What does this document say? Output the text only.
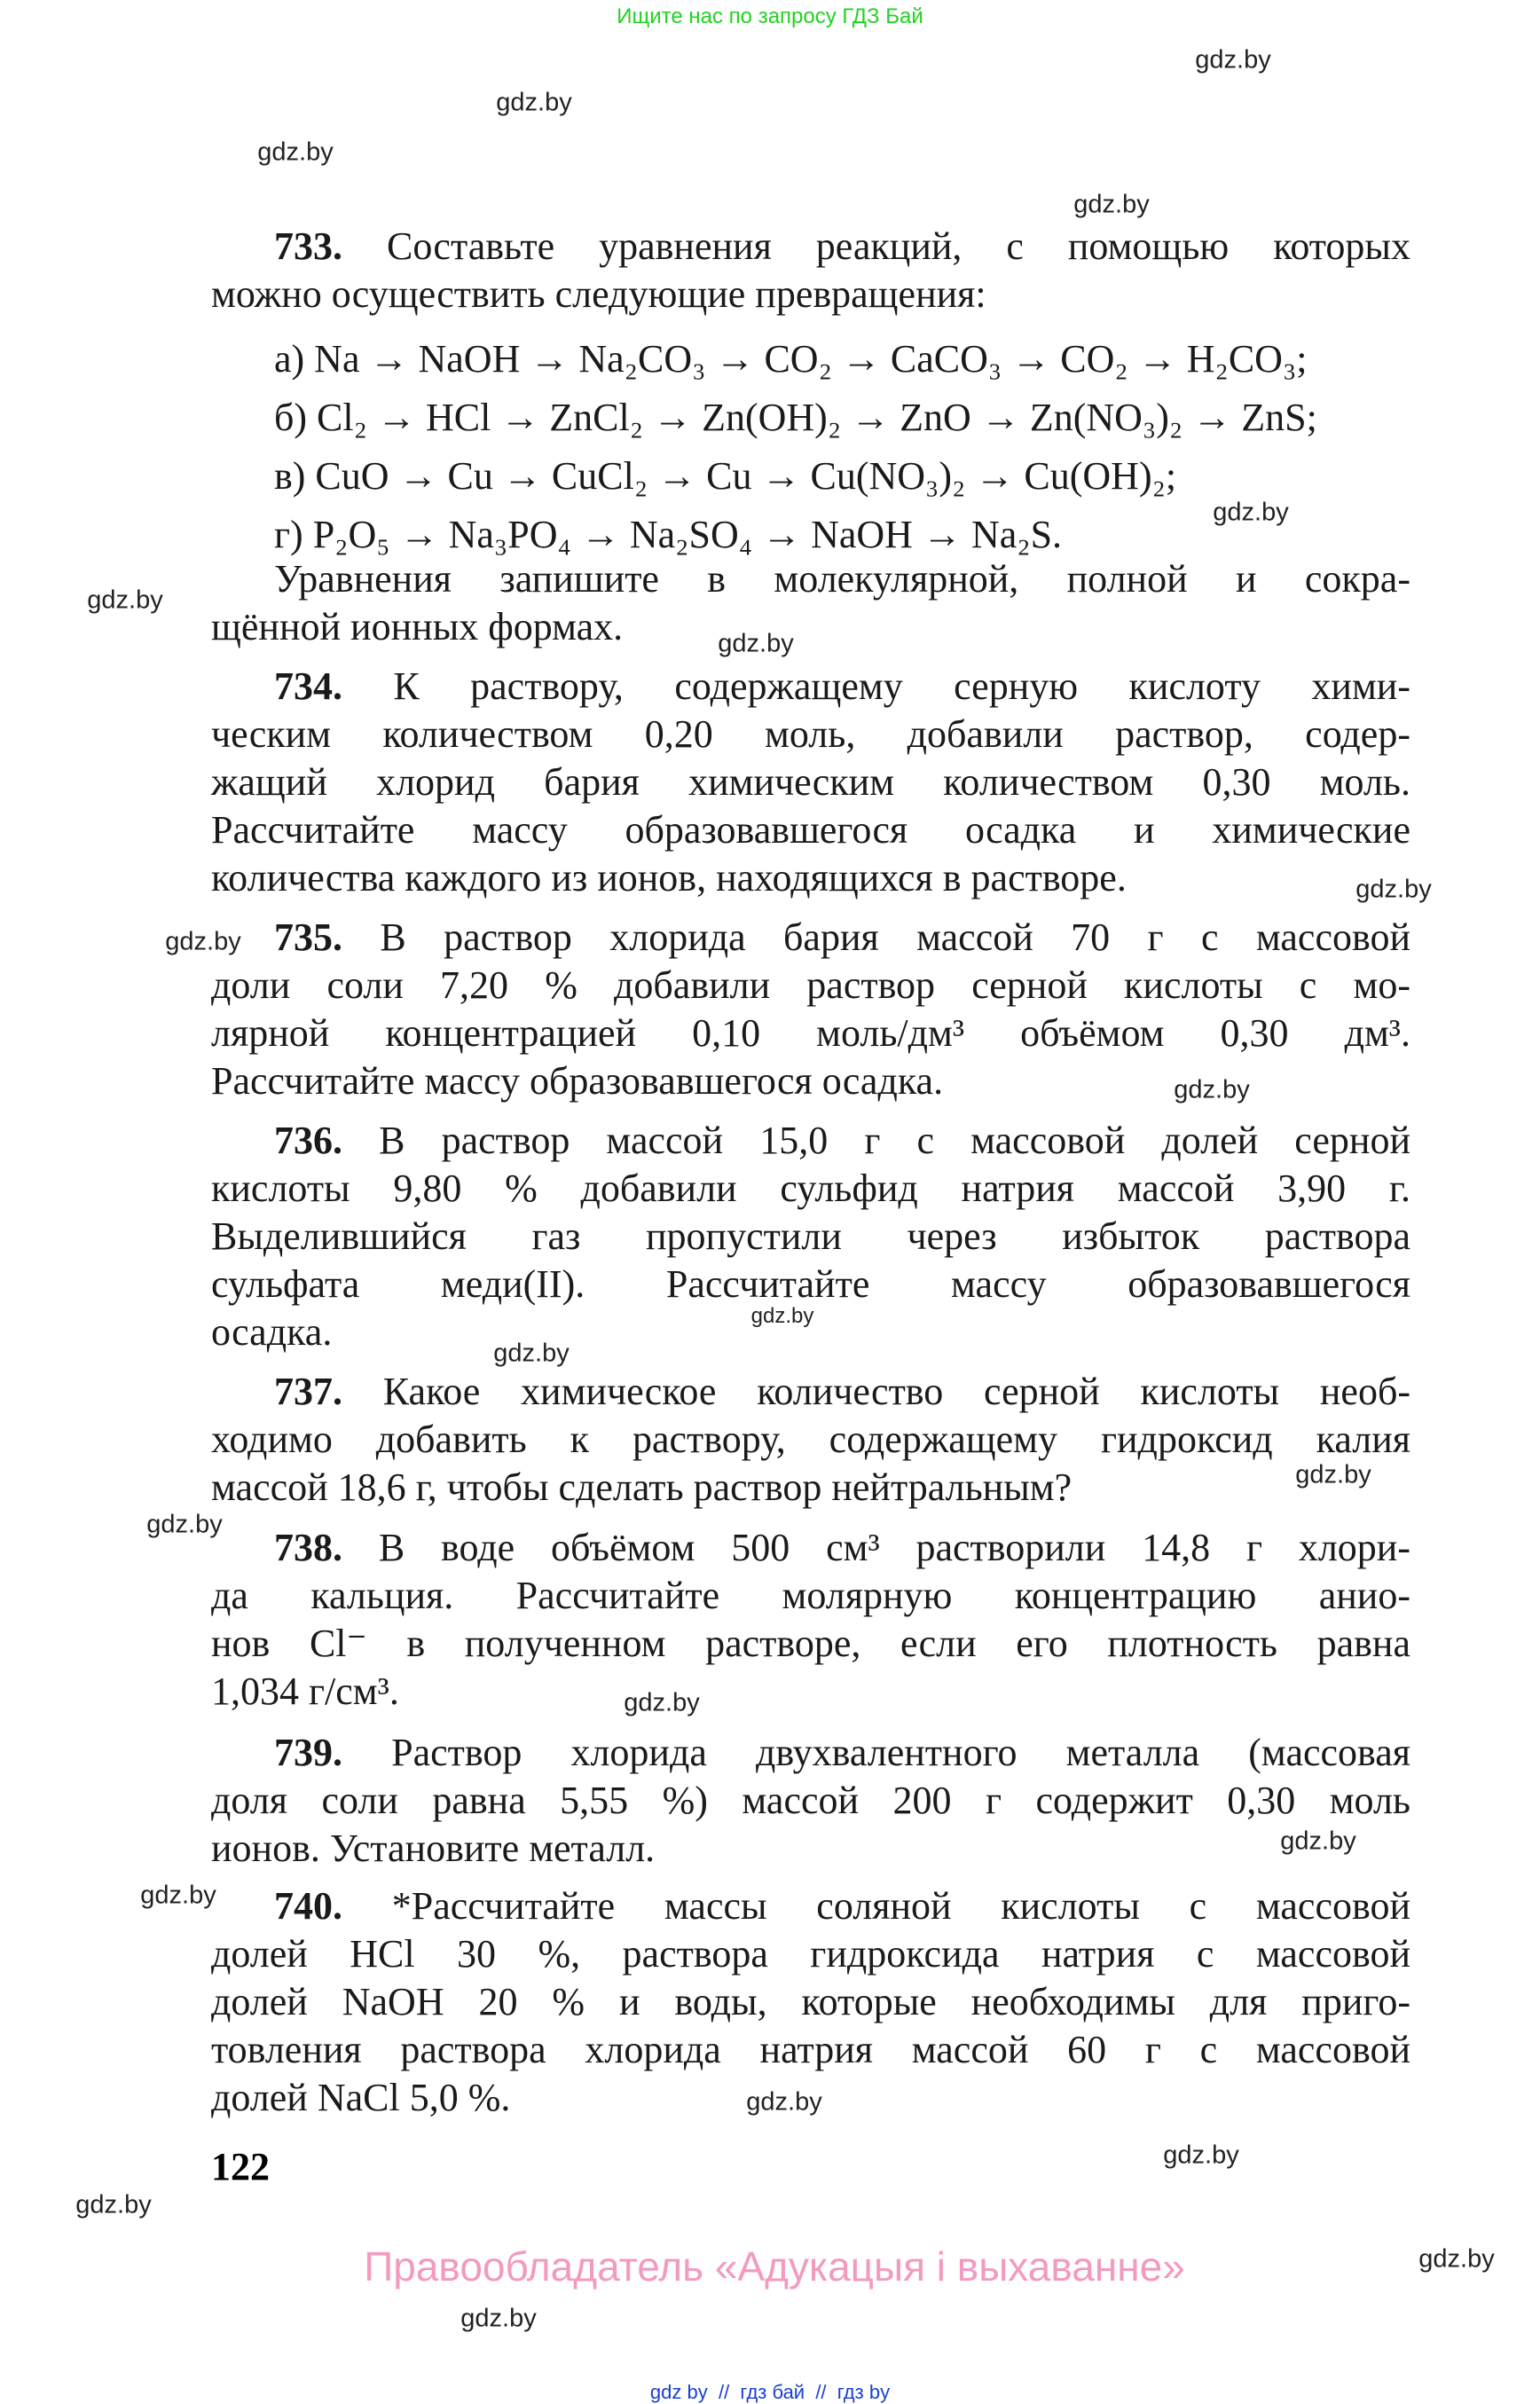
Ищите нас по запросу ГДЗ Бай
733. Составьте уравнения реакций, с помощью которых
можно осуществить следующие превращения:
а) Na → NaOH → Na₂CO₃ → CO₂ → CaCO₃ → CO₂ → H₂CO₃;
б) Cl₂ → HCl → ZnCl₂ → Zn(OH)₂ → ZnO → Zn(NO₃)₂ → ZnS;
в) CuO → Cu → CuCl₂ → Cu → Cu(NO₃)₂ → Cu(OH)₂;
г) P₂O₅ → Na₃PO₄ → Na₂SO₄ → NaOH → Na₂S.
Уравнения запишите в молекулярной, полной и сокра-
щённой ионных формах.
734. К раствору, содержащему серную кислоту хими-
ческим количеством 0,20 моль, добавили раствор, содер-
жащий хлорид бария химическим количеством 0,30 моль.
Рассчитайте массу образовавшегося осадка и химические
количества каждого из ионов, находящихся в растворе.
735. В раствор хлорида бария массой 70 г с массовой
доли соли 7,20 % добавили раствор серной кислоты с мо-
лярной концентрацией 0,10 моль/дм³ объёмом 0,30 дм³.
Рассчитайте массу образовавшегося осадка.
736. В раствор массой 15,0 г с массовой долей серной
кислоты 9,80 % добавили сульфид натрия массой 3,90 г.
Выделившийся газ пропустили через избыток раствора
сульфата меди(II). Рассчитайте массу образовавшегося
осадка.
737. Какое химическое количество серной кислоты необ-
ходимо добавить к раствору, содержащему гидроксид калия
массой 18,6 г, чтобы сделать раствор нейтральным?
738. В воде объёмом 500 см³ растворили 14,8 г хлори-
да кальция. Рассчитайте молярную концентрацию анио-
нов Cl⁻ в полученном растворе, если его плотность равна
1,034 г/см³.
739. Раствор хлорида двухвалентного металла (массовая
доля соли равна 5,55 %) массой 200 г содержит 0,30 моль
ионов. Установите металл.
740. *Рассчитайте массы соляной кислоты с массовой
долей HCl 30 %, раствора гидроксида натрия с массовой
долей NaOH 20 % и воды, которые необходимы для приго-
товления раствора хлорида натрия массой 60 г с массовой
долей NaCl 5,0 %.
122
Правообладатель «Адукацыя і выхаванне»
gdz.by
gdz.by
gdz.by
gdz.by
gdz.by
gdz.by
gdz.by
gdz.by
gdz.by
gdz.by
gdz.by
gdz.by
gdz.by
gdz.by
gdz.by
gdz.by
gdz.by
gdz.by
gdz.by
gdz.by
gdz.by
gdz.by
gdz by  //  гдз бай  //  гдз by
